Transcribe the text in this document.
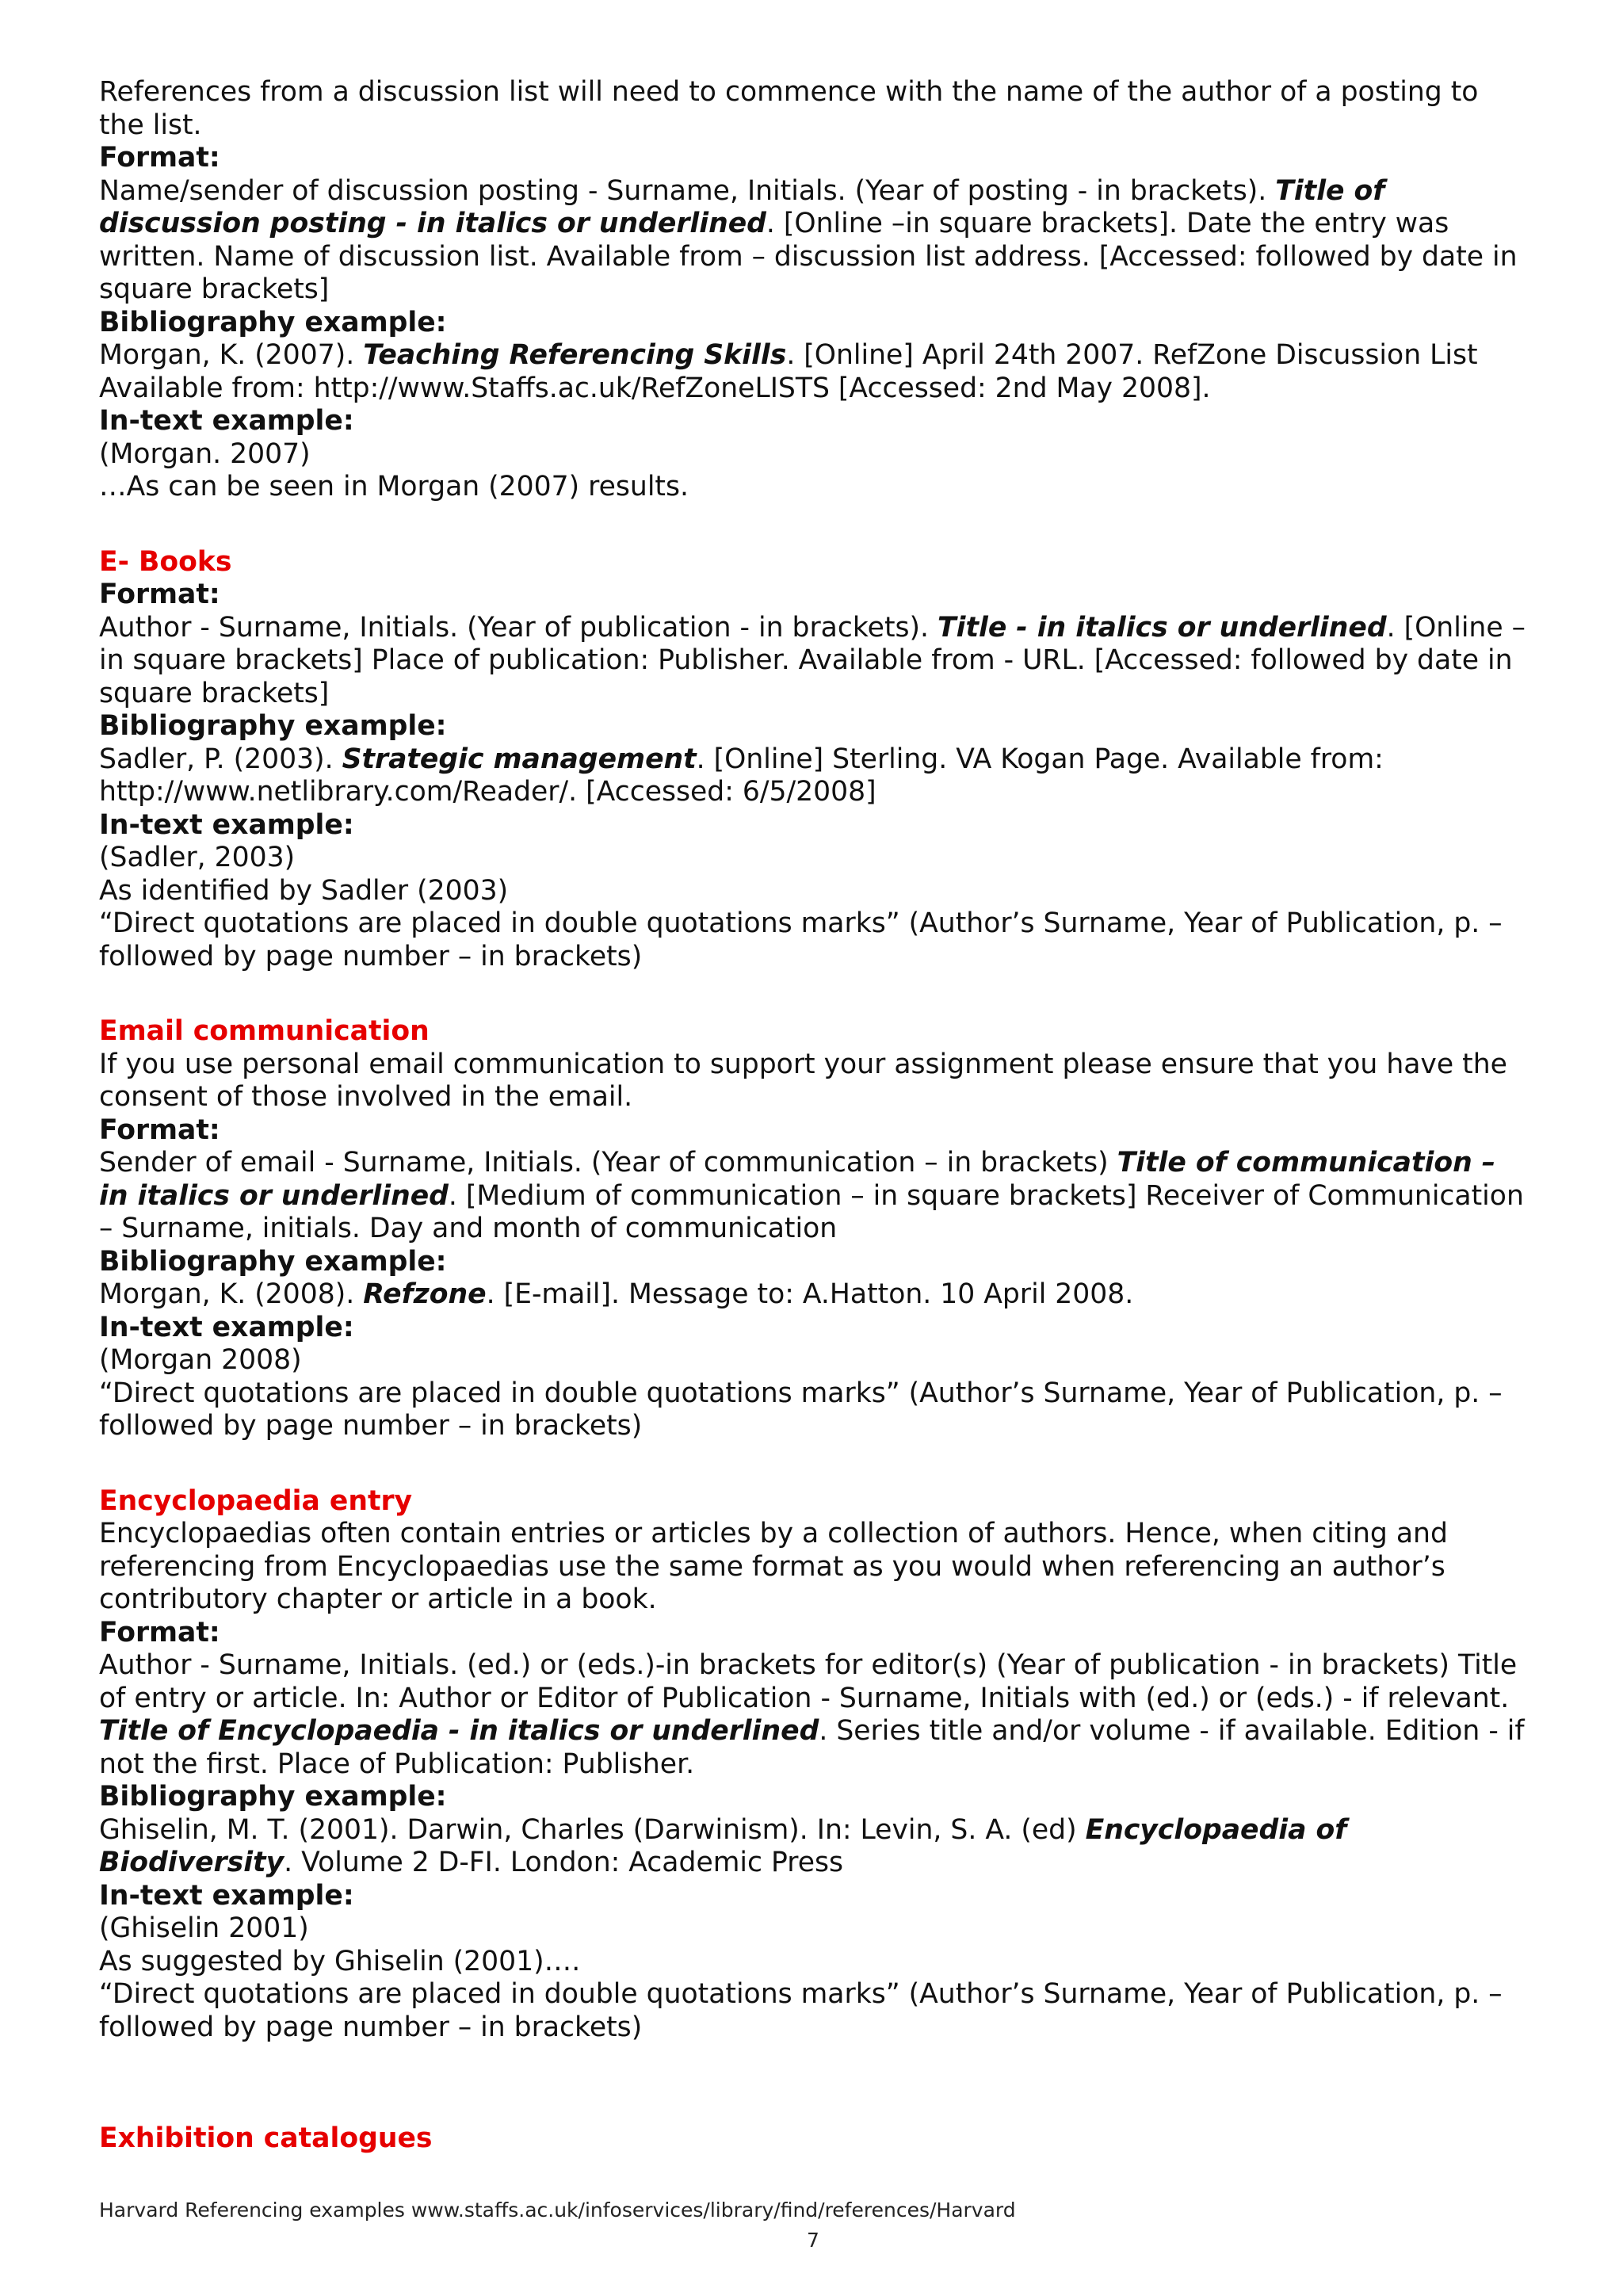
References from a discussion list will need to commence with the name of the author of a posting to the list.

Format:

Name/sender of discussion posting - Surname, Initials. (Year of posting - in brackets). Title of discussion posting - in italics or underlined. [Online –in square brackets]. Date the entry was written. Name of discussion list. Available from – discussion list address. [Accessed: followed by date in square brackets]

Bibliography example:

Morgan, K. (2007). Teaching Referencing Skills. [Online] April 24th 2007. RefZone Discussion List Available from: http://www.Staffs.ac.uk/RefZoneLISTS [Accessed: 2nd May 2008].

In-text example:

(Morgan. 2007)

…As can be seen in Morgan (2007) results.

E- Books

Format:

Author - Surname, Initials. (Year of publication - in brackets). Title - in italics or underlined. [Online – in square brackets] Place of publication: Publisher. Available from - URL. [Accessed: followed by date in square brackets]

Bibliography example:

Sadler, P. (2003). Strategic management. [Online] Sterling. VA Kogan Page. Available from: http://www.netlibrary.com/Reader/. [Accessed: 6/5/2008]

In-text example:

(Sadler, 2003)

As identified by Sadler (2003)

“Direct quotations are placed in double quotations marks” (Author’s Surname, Year of Publication, p. – followed by page number – in brackets)

Email communication

If you use personal email communication to support your assignment please ensure that you have the consent of those involved in the email.

Format:

Sender of email - Surname, Initials. (Year of communication – in brackets) Title of communication – in italics or underlined. [Medium of communication – in square brackets] Receiver of Communication – Surname, initials. Day and month of communication

Bibliography example:

Morgan, K. (2008). Refzone. [E-mail]. Message to: A.Hatton. 10 April 2008.

In-text example:

(Morgan 2008)

“Direct quotations are placed in double quotations marks” (Author’s Surname, Year of Publication, p. – followed by page number – in brackets)

Encyclopaedia entry

Encyclopaedias often contain entries or articles by a collection of authors. Hence, when citing and referencing from Encyclopaedias use the same format as you would when referencing an author’s contributory chapter or article in a book.

Format:

Author - Surname, Initials. (ed.) or (eds.)-in brackets for editor(s) (Year of publication - in brackets) Title of entry or article. In: Author or Editor of Publication - Surname, Initials with (ed.) or (eds.) - if relevant. Title of Encyclopaedia - in italics or underlined. Series title and/or volume - if available. Edition - if not the first. Place of Publication: Publisher.

Bibliography example:

Ghiselin, M. T. (2001). Darwin, Charles (Darwinism). In: Levin, S. A. (ed) Encyclopaedia of Biodiversity. Volume 2 D-FI. London: Academic Press

In-text example:

(Ghiselin 2001)

As suggested by Ghiselin (2001)….

“Direct quotations are placed in double quotations marks” (Author’s Surname, Year of Publication, p. – followed by page number – in brackets)

Exhibition catalogues

Harvard Referencing examples www.staffs.ac.uk/infoservices/library/find/references/Harvard
7
